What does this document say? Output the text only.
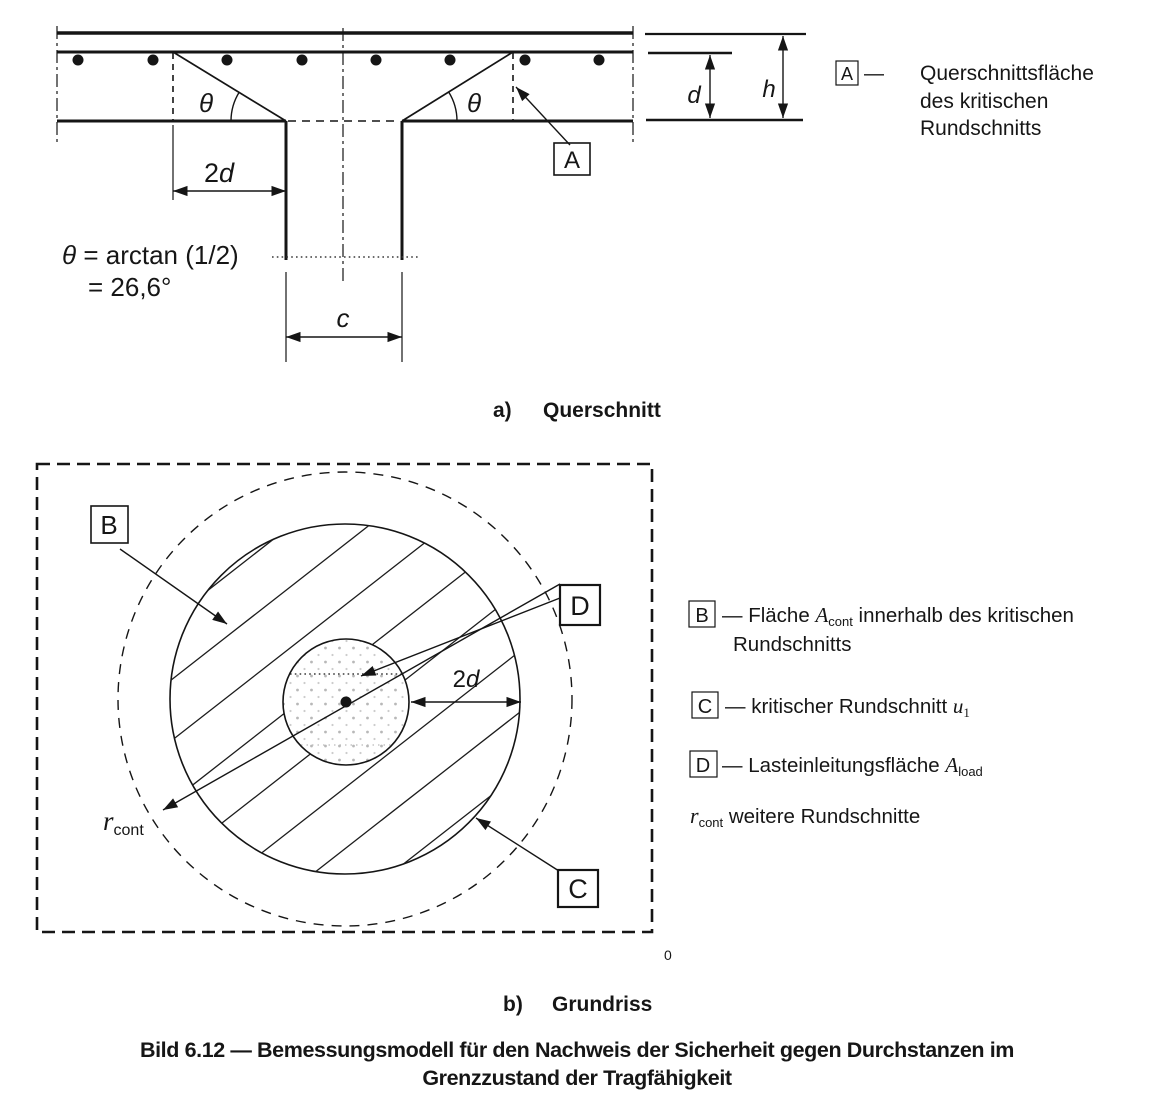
θ	θ
2d
c
θ = arctan (1/2)
= 26,6°
A
d	h
A — Querschnittsfläche
des kritischen
Rundschnitts
a) Querschnitt
2d
B
D
C
rcont
0
B — Fläche Acont innerhalb des kritischen
Rundschnitts
C — kritischer Rundschnitt u1
D — Lasteinleitungsfläche Aload
$r_{cont}$ weitere Rundschnitte
b) Grundriss
Bild 6.12 — Bemessungsmodell für den Nachweis der Sicherheit gegen Durchstanzen im
Grenzzustand der Tragfähigkeit
